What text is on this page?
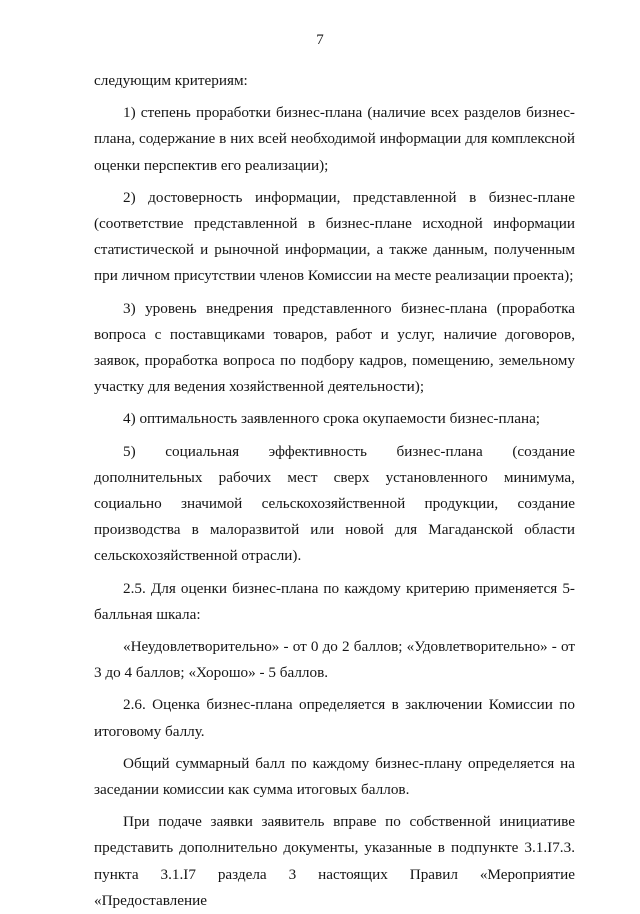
7

следующим критериям:

1) степень проработки бизнес-плана (наличие всех разделов бизнес-плана, содержание в них всей необходимой информации для комплексной оценки перспектив его реализации);

2) достоверность информации, представленной в бизнес-плане (соответствие представленной в бизнес-плане исходной информации статистической и рыночной информации, а также данным, полученным при личном присутствии членов Комиссии на месте реализации проекта);

3) уровень внедрения представленного бизнес-плана (проработка вопроса с поставщиками товаров, работ и услуг, наличие договоров, заявок, проработка вопроса по подбору кадров, помещению, земельному участку для ведения хозяйственной деятельности);

4) оптимальность заявленного срока окупаемости бизнес-плана;

5) социальная эффективность бизнес-плана (создание
дополнительных рабочих мест сверх установленного минимума,
социально значимой сельскохозяйственной продукции, создание

производства в малоразвитой или новой для Магаданской области сельскохозяйственной отрасли).

2.5. Для оценки бизнес-плана по каждому критерию применяется 5-балльная шкала:

«Неудовлетворительно» - от 0 до 2 баллов; «Удовлетворительно» - от 3 до 4 баллов; «Хорошо» - 5 баллов.

2.6. Оценка бизнес-плана определяется в заключении Комиссии по итоговому баллу.

Общий суммарный балл по каждому бизнес-плану определяется на заседании комиссии как сумма итоговых баллов.

При подаче заявки заявитель вправе по собственной инициативе представить дополнительно документы, указанные в подпункте 3.1.I7.3. пункта 3.1.I7 раздела 3 настоящих Правил «Мероприятие «Предоставление
